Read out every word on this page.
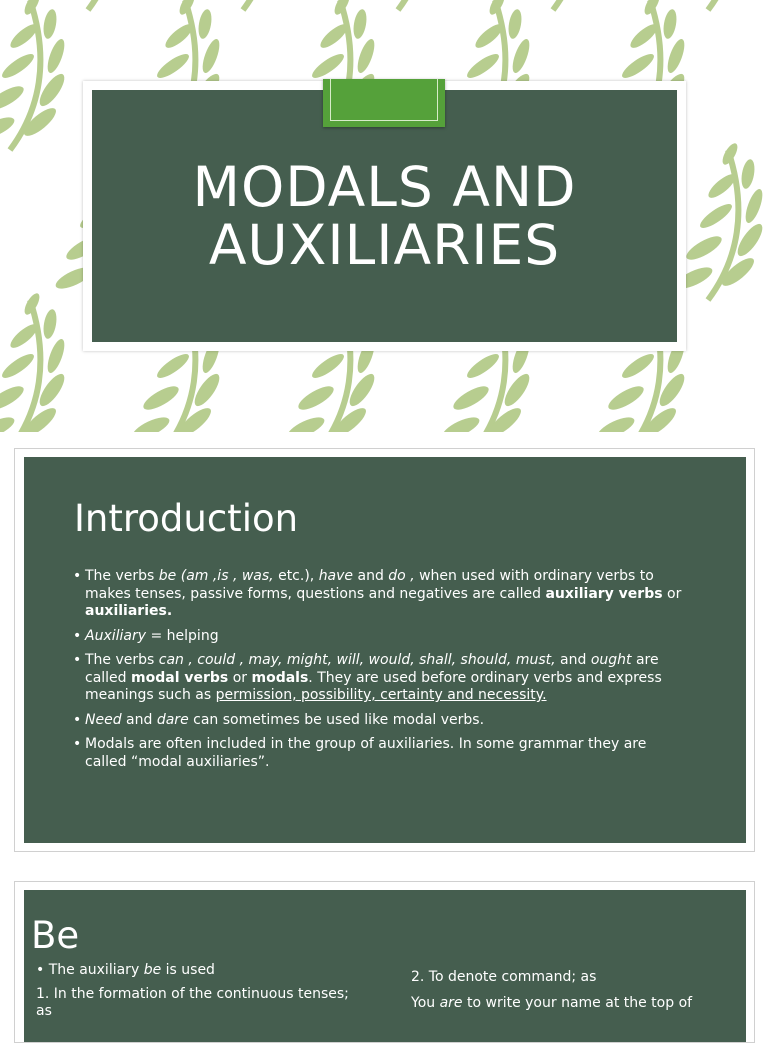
MODALS AND
AUXILIARIES
Introduction
• The verbs be (am ,is , was, etc.), have and do , when used with ordinary verbs to makes tenses, passive forms, questions and negatives are called auxiliary verbs or auxiliaries.
• Auxiliary = helping
• The verbs can , could , may, might, will, would, shall, should, must, and ought are called modal verbs or modals. They are used before ordinary verbs and express meanings such as permission, possibility, certainty and necessity.
• Need and dare can sometimes be used like modal verbs.
• Modals are often included in the group of auxiliaries. In some grammar they are called “modal auxiliaries”.
Be

• The auxiliary be is used

1. In the formation of the continuous tenses; as

2. To denote command; as

You are to write your name at the top of
